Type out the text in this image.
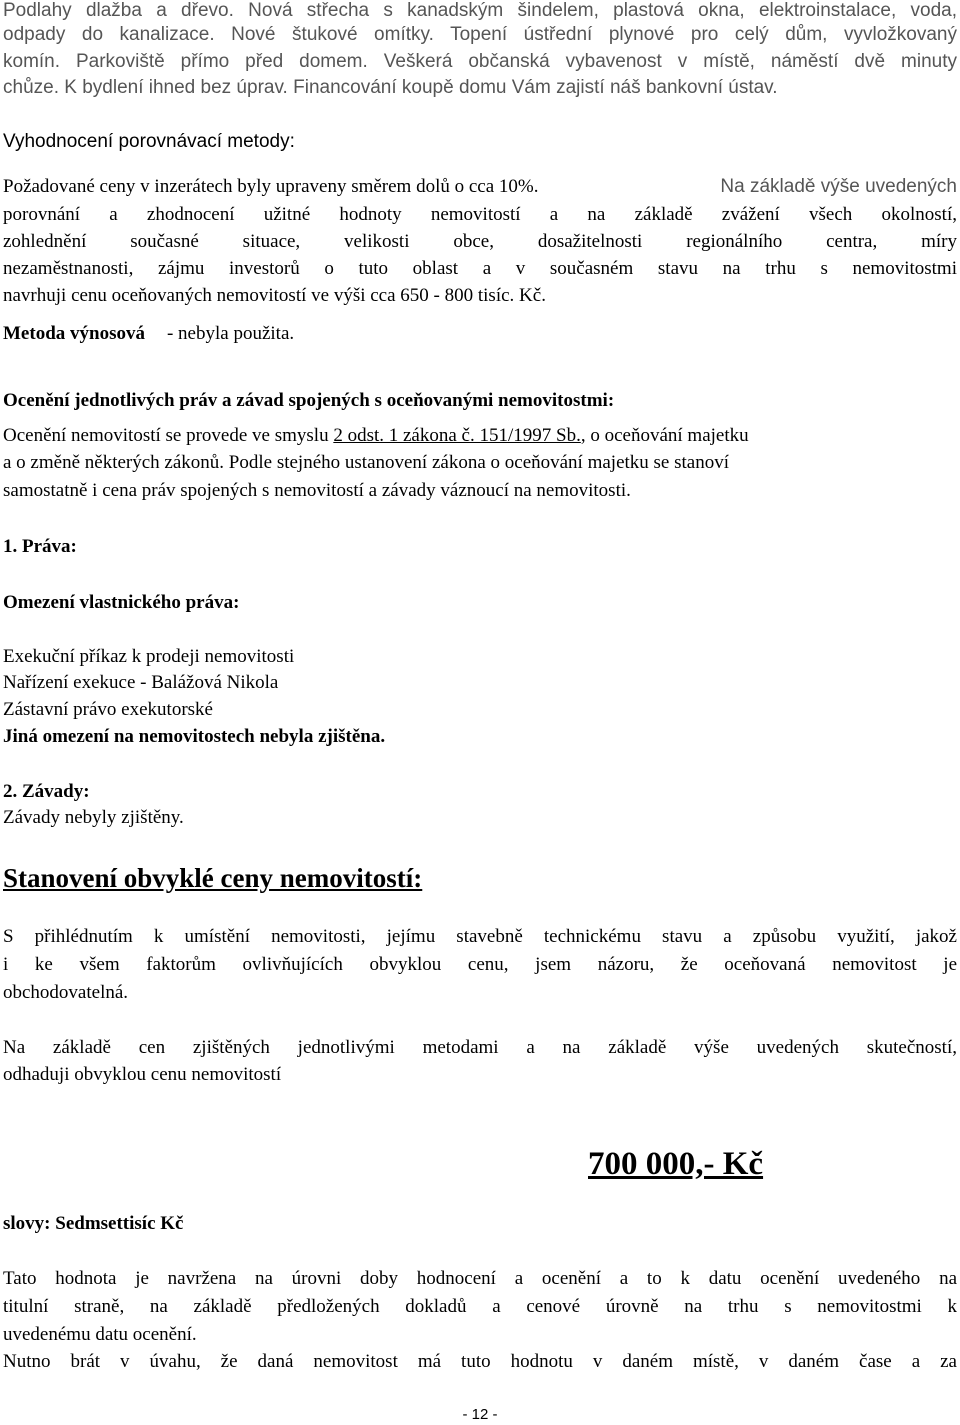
Podlahy dlažba a dřevo. Nová střecha s kanadským šindelem, plastová okna, elektroinstalace, voda,
odpady do kanalizace. Nové štukové omítky. Topení ústřední plynové pro celý dům, vyvložkovaný
komín. Parkoviště přímo před domem. Veškerá občanská vybavenost v místě, náměstí dvě minuty
chůze. K bydlení ihned bez úprav. Financování koupě domu Vám zajistí náš bankovní ústav.
Vyhodnocení porovnávací metody:
Požadované ceny v inzerátech byly upraveny směrem dolů o cca 10%.	Na základě výše uvedených
porovnání a zhodnocení užitné hodnoty nemovitostí a na základě zvážení všech okolností,
zohlednění současné situace, velikosti obce, dosažitelnosti regionálního centra, míry
nezaměstnanosti, zájmu investorů o tuto oblast a v současném stavu na trhu s nemovitostmi
navrhuji cenu oceňovaných nemovitostí ve výši cca 650 - 800 tisíc. Kč.
Metoda výnosová - nebyla použita.
Ocenění jednotlivých práv a závad spojených s oceňovanými nemovitostmi:
Ocenění nemovitostí se provede ve smyslu 2 odst. 1 zákona č. 151/1997 Sb., o oceňování majetku
a o změně některých zákonů. Podle stejného ustanovení zákona o oceňování majetku se stanoví
samostatně i cena práv spojených s nemovitostí a závady váznoucí na nemovitosti.
1. Práva:
Omezení vlastnického práva:
Exekuční příkaz k prodeji nemovitosti
Nařízení exekuce - Balážová Nikola
Zástavní právo exekutorské
Jiná omezení na nemovitostech nebyla zjištěna.
2. Závady:
Závady nebyly zjištěny.
Stanovení obvyklé ceny nemovitostí:
S přihlédnutím k umístění nemovitosti, jejímu stavebně technickému stavu a způsobu využití, jakož
i ke všem faktorům ovlivňujících obvyklou cenu, jsem názoru, že oceňovaná nemovitost je
obchodovatelná.
Na základě cen zjištěných jednotlivými metodami a na základě výše uvedených skutečností,
odhaduji obvyklou cenu nemovitostí
700 000,- Kč
slovy: Sedmsettisíc Kč
Tato hodnota je navržena na úrovni doby hodnocení a ocenění a to k datu ocenění uvedeného na
titulní straně, na základě předložených dokladů a cenové úrovně na trhu s nemovitostmi k
uvedenému datu ocenění.
Nutno brát v úvahu, že daná nemovitost má tuto hodnotu v daném místě, v daném čase a za
- 12 -
